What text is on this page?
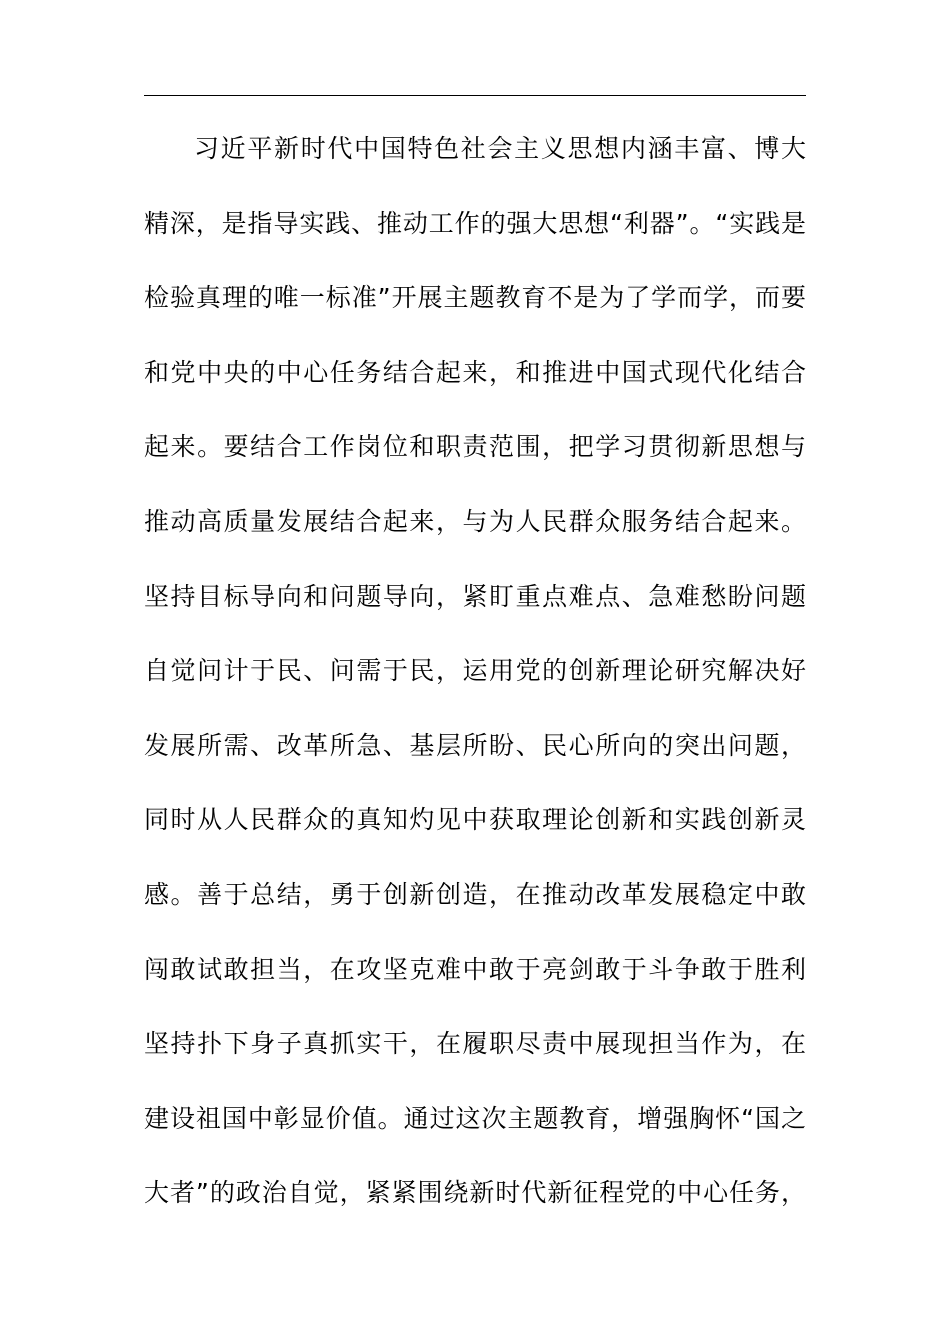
习近平新时代中国特色社会主义思想内涵丰富、博大
精深，是指导实践、推动工作的强大思想“利器”。“实践是
检验真理的唯一标准”开展主题教育不是为了学而学，而要
和党中央的中心任务结合起来，和推进中国式现代化结合
起来。要结合工作岗位和职责范围，把学习贯彻新思想与
推动高质量发展结合起来，与为人民群众服务结合起来。
坚持目标导向和问题导向，紧盯重点难点、急难愁盼问题
自觉问计于民、问需于民，运用党的创新理论研究解决好
发展所需、改革所急、基层所盼、民心所向的突出问题，
同时从人民群众的真知灼见中获取理论创新和实践创新灵
感。善于总结，勇于创新创造，在推动改革发展稳定中敢
闯敢试敢担当，在攻坚克难中敢于亮剑敢于斗争敢于胜利
坚持扑下身子真抓实干，在履职尽责中展现担当作为，在
建设祖国中彰显价值。通过这次主题教育，增强胸怀“国之
大者”的政治自觉，紧紧围绕新时代新征程党的中心任务，
